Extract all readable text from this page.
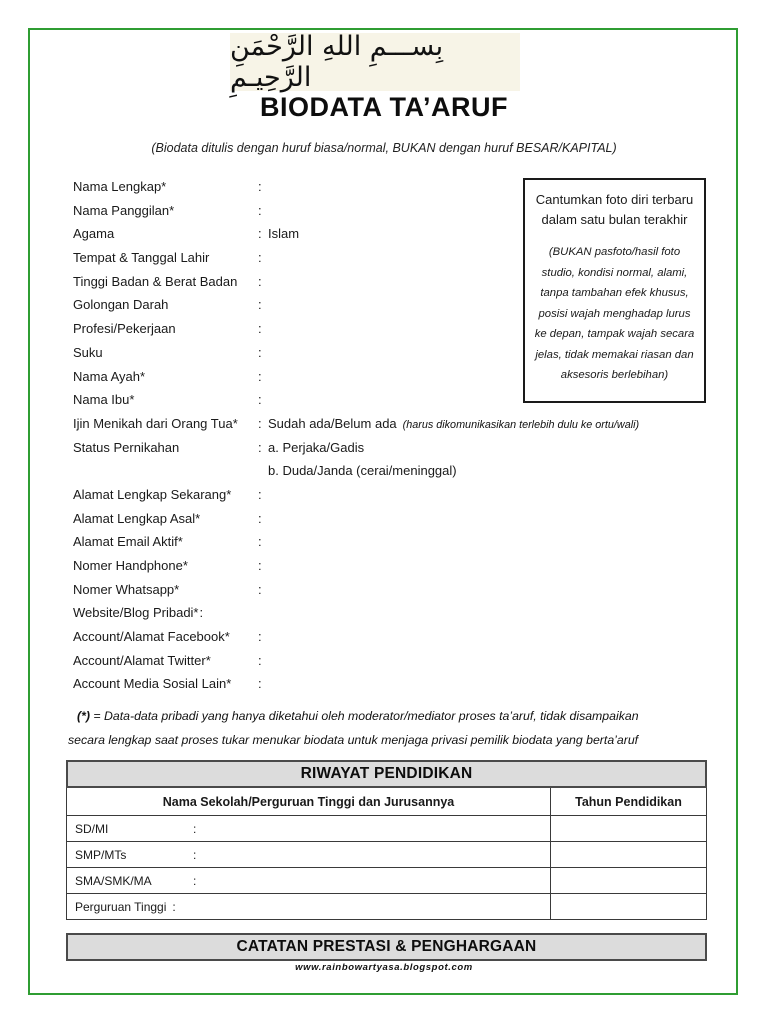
بِســـمِ اللهِ الرَّحْمَنِ الرَّحِيـمِ
BIODATA TA’ARUF
(Biodata ditulis dengan huruf biasa/normal, BUKAN dengan huruf BESAR/KAPITAL)
Nama Lengkap*	:
Nama Panggilan*	:
Agama	: Islam
Tempat & Tanggal Lahir	:
Tinggi Badan & Berat Badan	:
Golongan Darah	:
Profesi/Pekerjaan	:
Suku	:
Nama Ayah*	:
Nama Ibu*	:
Ijin Menikah dari Orang Tua*	: Sudah ada/Belum ada (harus dikomunikasikan terlebih dulu ke ortu/wali)
Status Pernikahan	: a. Perjaka/Gadis
b. Duda/Janda (cerai/meninggal)
Alamat Lengkap Sekarang*	:
Alamat Lengkap Asal*	:
Alamat Email Aktif*	:
Nomer Handphone*	:
Nomer Whatsapp*	:
Website/Blog Pribadi* :
Account/Alamat Facebook*	:
Account/Alamat Twitter*	:
Account Media Sosial Lain*	:
Cantumkan foto diri terbaru dalam satu bulan terakhir
(BUKAN pasfoto/hasil foto studio, kondisi normal, alami, tanpa tambahan efek khusus, posisi wajah menghadap lurus ke depan, tampak wajah secara jelas, tidak memakai riasan dan aksesoris berlebihan)
(*) = Data-data pribadi yang hanya diketahui oleh moderator/mediator proses ta’aruf, tidak disampaikan
secara lengkap saat proses tukar menukar biodata untuk menjaga privasi pemilik biodata yang berta’aruf
RIWAYAT PENDIDIKAN
Nama Sekolah/Perguruan Tinggi dan Jurusannya	Tahun Pendidikan
SD/MI	:
SMP/MTs	:
SMA/SMK/MA	:
Perguruan Tinggi :
CATATAN PRESTASI & PENGHARGAAN
www.rainbowartyasa.blogspot.com
